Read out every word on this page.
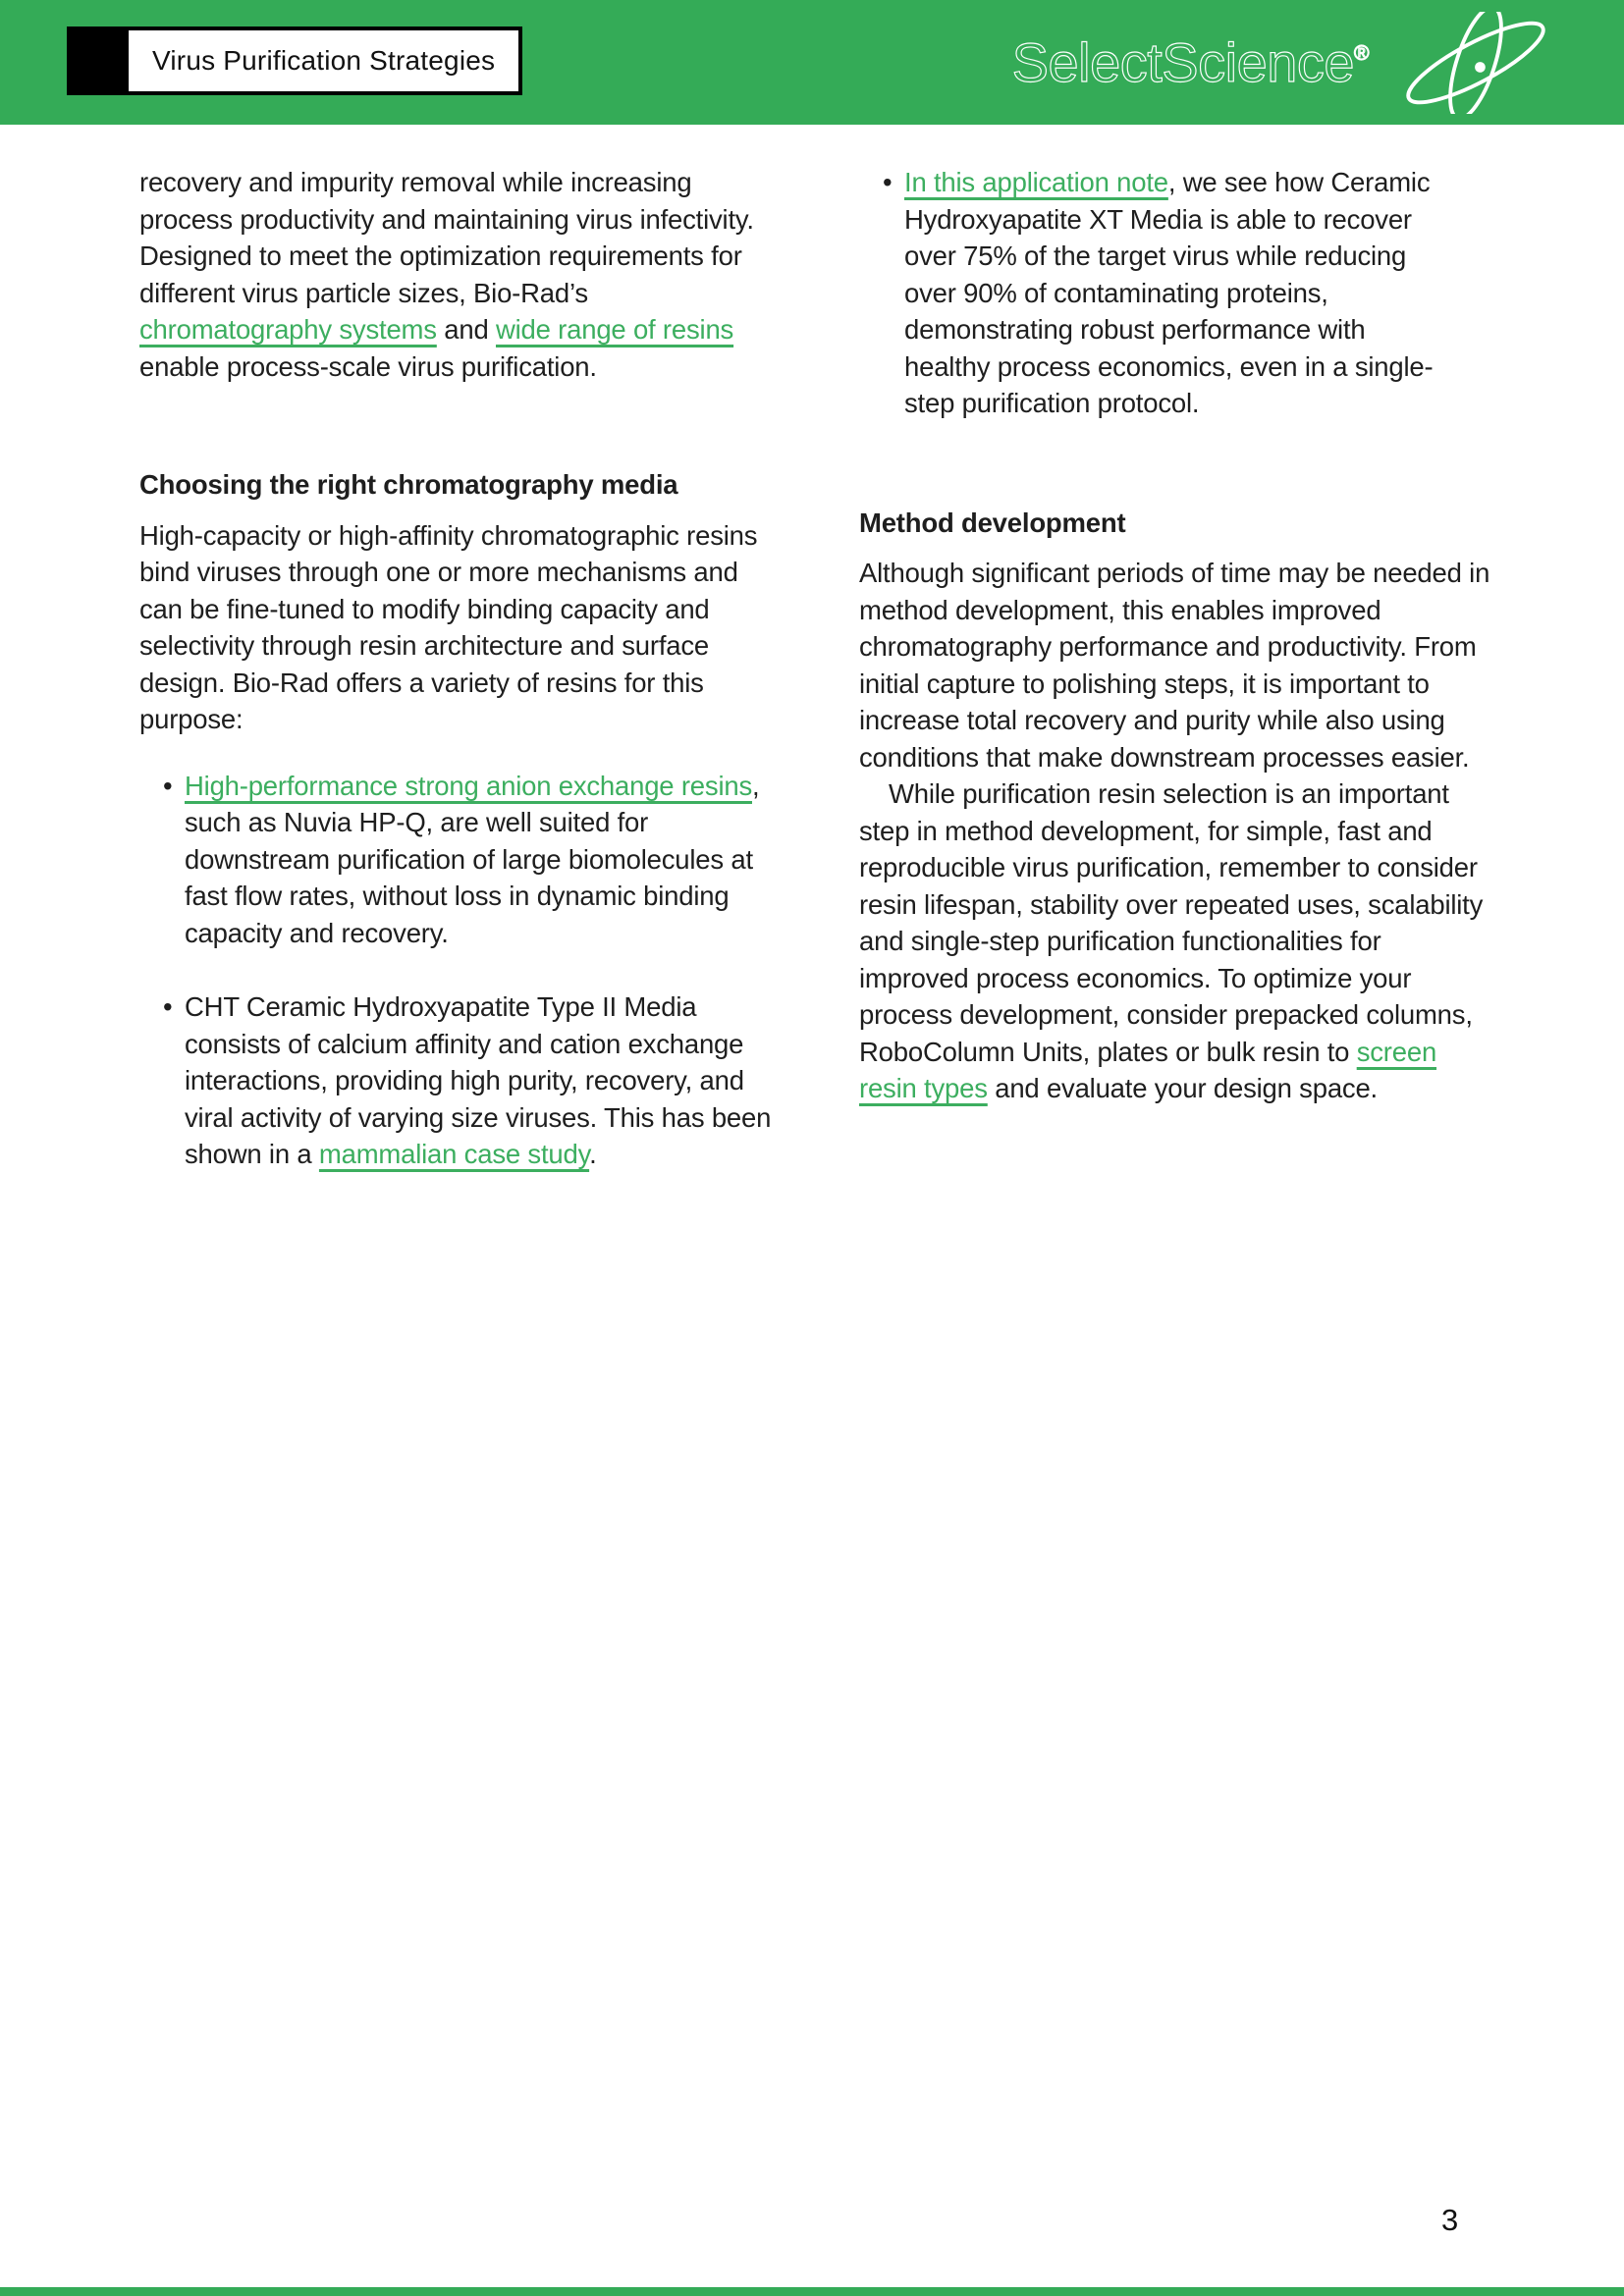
Virus Purification Strategies	SelectScience®
recovery and impurity removal while increasing process productivity and maintaining virus infectivity. Designed to meet the optimization requirements for different virus particle sizes, Bio-Rad’s chromatography systems and wide range of resins enable process-scale virus purification.
Choosing the right chromatography media
High-capacity or high-affinity chromatographic resins bind viruses through one or more mechanisms and can be fine-tuned to modify binding capacity and selectivity through resin architecture and surface design. Bio-Rad offers a variety of resins for this purpose:
• High-performance strong anion exchange resins, such as Nuvia HP-Q, are well suited for downstream purification of large biomolecules at fast flow rates, without loss in dynamic binding capacity and recovery.
• CHT Ceramic Hydroxyapatite Type II Media consists of calcium affinity and cation exchange interactions, providing high purity, recovery, and viral activity of varying size viruses. This has been shown in a mammalian case study.
• In this application note, we see how Ceramic Hydroxyapatite XT Media is able to recover over 75% of the target virus while reducing over 90% of contaminating proteins, demonstrating robust performance with healthy process economics, even in a single-step purification protocol.
Method development
Although significant periods of time may be needed in method development, this enables improved chromatography performance and productivity. From initial capture to polishing steps, it is important to increase total recovery and purity while also using conditions that make downstream processes easier.
While purification resin selection is an important step in method development, for simple, fast and reproducible virus purification, remember to consider resin lifespan, stability over repeated uses, scalability and single-step purification functionalities for improved process economics. To optimize your process development, consider prepacked columns, RoboColumn Units, plates or bulk resin to screen resin types and evaluate your design space.
3
